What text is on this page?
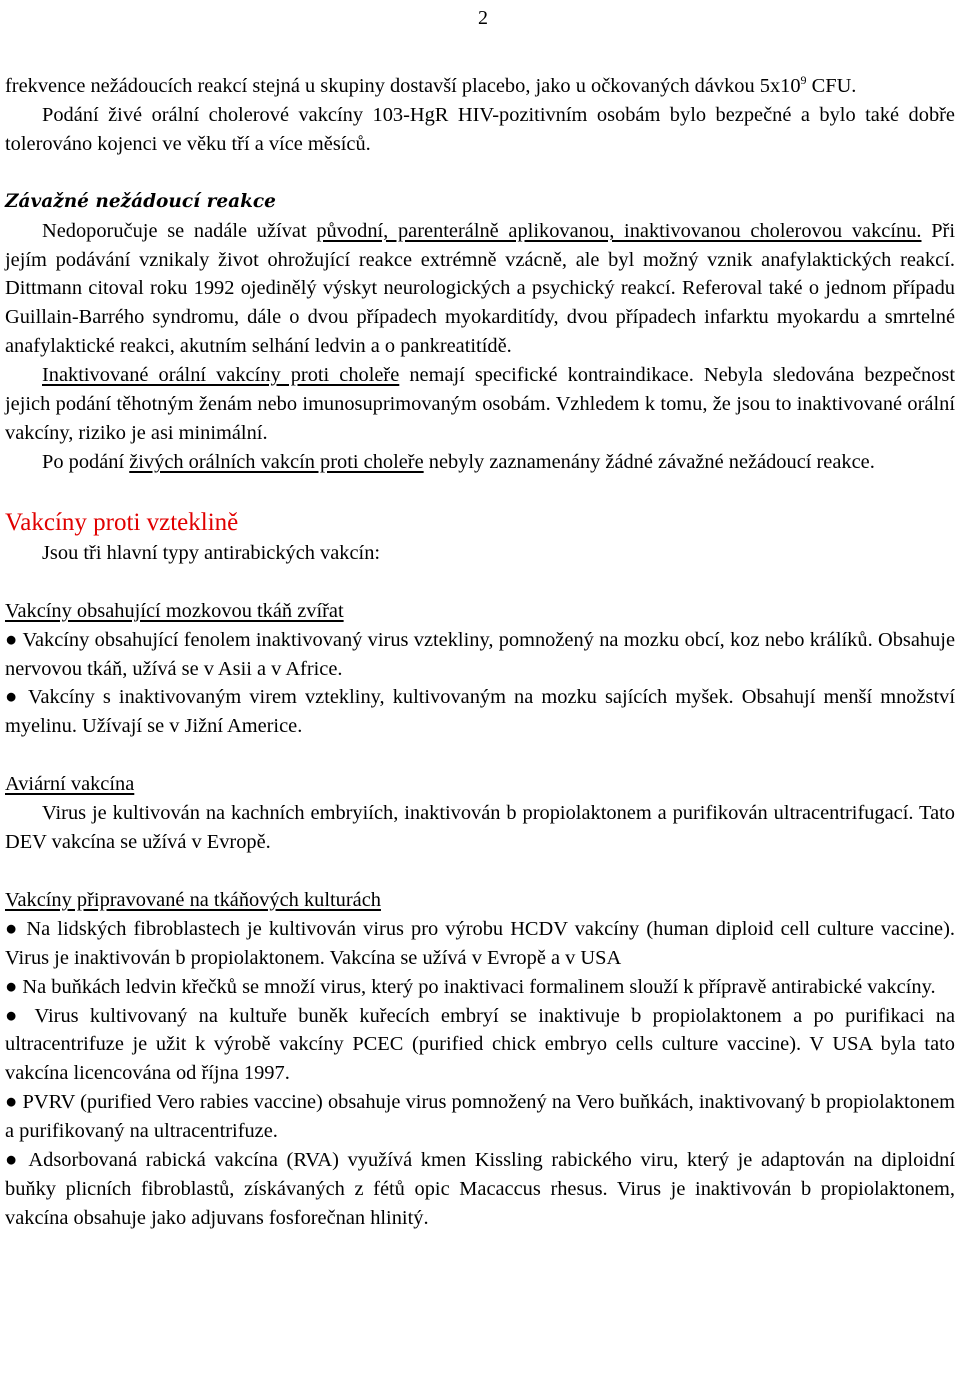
2

frekvence nežádoucích reakcí stejná u skupiny dostavší placebo, jako u očkovaných dávkou $5x10^9$ CFU.

Podání živé orální cholerové vakcíny 103-HgR HIV-pozitivním osobám bylo bezpečné a bylo také dobře tolerováno kojenci ve věku tří a více měsíců.

Závažné nežádoucí reakce

Nedoporučuje se nadále užívat původní, parenterálně aplikovanou, inaktivovanou cholerovou vakcínu. Při jejím podávání vznikaly život ohrožující reakce extrémně vzácně, ale byl možný vznik anafylaktických reakcí. Dittmann citoval roku 1992 ojedinělý výskyt neurologických a psychický reakcí. Referoval také o jednom případu Guillain-Barrého syndromu, dále o dvou případech myokarditídy, dvou případech infarktu myokardu a smrtelné anafylaktické reakci, akutním selhání ledvin a o pankreatitídě.

Inaktivované orální vakcíny proti choleře nemají specifické kontraindikace. Nebyla sledována bezpečnost jejich podání těhotným ženám nebo imunosuprimovaným osobám. Vzhledem k tomu, že jsou to inaktivované orální vakcíny, riziko je asi minimální.

Po podání živých orálních vakcín proti choleře nebyly zaznamenány žádné závažné nežádoucí reakce.

Vakcíny proti vzteklině

Jsou tři hlavní typy antirabických vakcín:

Vakcíny obsahující mozkovou tkáň zvířat

● Vakcíny obsahující fenolem inaktivovaný virus vztekliny, pomnožený na mozku obcí, koz nebo králíků. Obsahuje nervovou tkáň, užívá se v Asii a v Africe.

● Vakcíny s inaktivovaným virem vztekliny, kultivovaným na mozku sajících myšek. Obsahují menší množství myelinu. Užívají se v Jižní Americe.

Aviární vakcína

Virus je kultivován na kachních embryiích, inaktivován b propiolaktonem a purifikován ultracentrifugací. Tato DEV vakcína se užívá v Evropě.

Vakcíny připravované na tkáňových kulturách

● Na lidských fibroblastech je kultivován virus pro výrobu HCDV vakcíny (human diploid cell culture vaccine). Virus je inaktivován b propiolaktonem. Vakcína se užívá v Evropě a v USA

● Na buňkách ledvin křečků se množí virus, který po inaktivaci formalinem slouží k přípravě antirabické vakcíny.

● Virus kultivovaný na kultuře buněk kuřecích embryí se inaktivuje b propiolaktonem a po purifikaci na ultracentrifuze je užit k výrobě vakcíny PCEC (purified chick embryo cells culture vaccine). V USA byla tato vakcína licencována od října 1997.

● PVRV (purified Vero rabies vaccine) obsahuje virus pomnožený na Vero buňkách, inaktivovaný b propiolaktonem a purifikovaný na ultracentrifuze.

● Adsorbovaná rabická vakcína (RVA) využívá kmen Kissling rabického viru, který je adaptován na diploidní buňky plicních fibroblastů, získávaných z fétů opic Macaccus rhesus. Virus je inaktivován b propiolaktonem, vakcína obsahuje jako adjuvans fosforečnan hlinitý.
